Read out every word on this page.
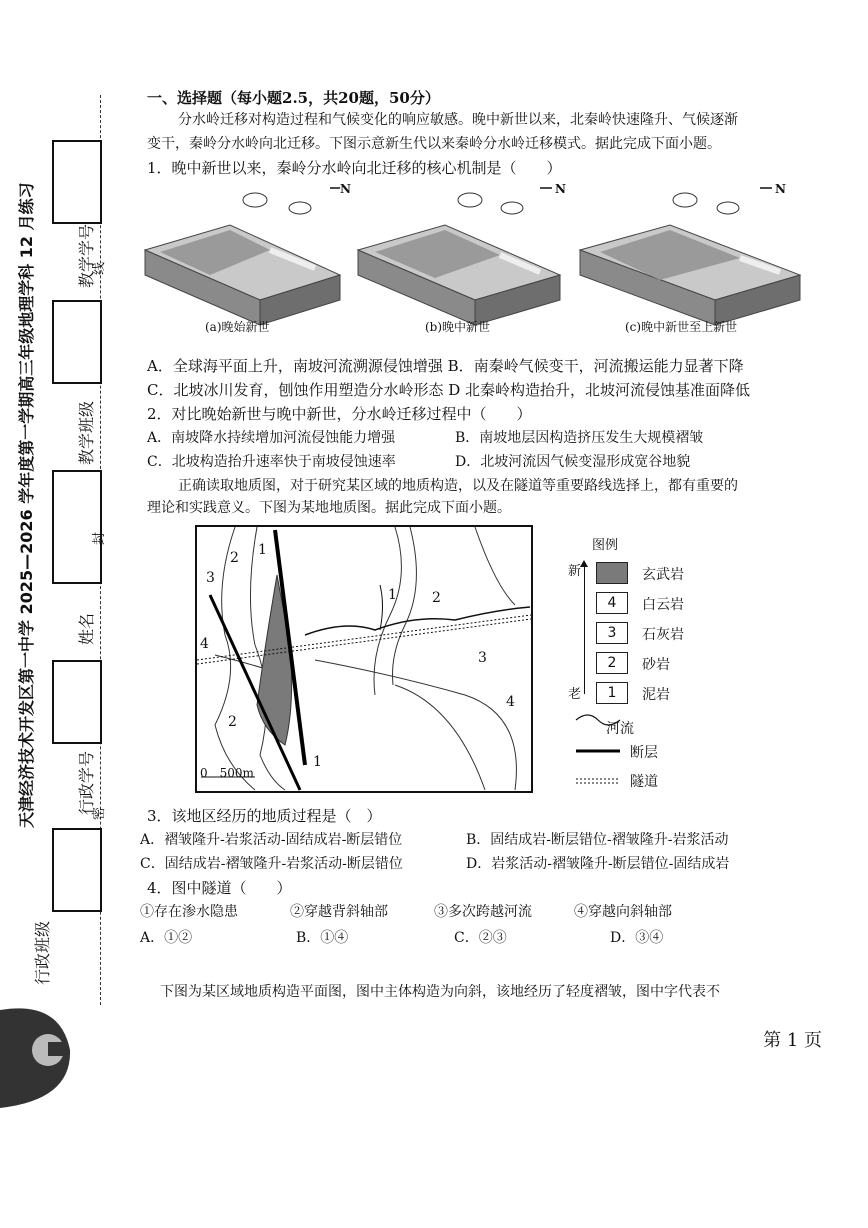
天津经济技术开发区第一中学 2025—2026 学年度第一学期高三年级地理学科 12 月练习
行政班级
行政学号
姓名
教学班级
教学学号
密
封
线
一、选择题（每小题2.5，共20题，50分）
分水岭迁移对构造过程和气候变化的响应敏感。晚中新世以来，北秦岭快速隆升、气候逐渐
变干，秦岭分水岭向北迁移。下图示意新生代以来秦岭分水岭迁移模式。据此完成下面小题。
1．晚中新世以来，秦岭分水岭向北迁移的核心机制是（　　）
N	N	N
(a)晚始新世	(b)晚中新世	(c)晚中新世至上新世
A．全球海平面上升，南坡河流溯源侵蚀增强 B．南秦岭气候变干，河流搬运能力显著下降
C．北坡冰川发育，刨蚀作用塑造分水岭形态 D 北秦岭构造抬升，北坡河流侵蚀基准面降低
2．对比晚始新世与晚中新世，分水岭迁移过程中（　　）
A．南坡降水持续增加河流侵蚀能力增强	B．南坡地层因构造挤压发生大规模褶皱
C．北坡构造抬升速率快于南坡侵蚀速率	D．北坡河流因气候变湿形成宽谷地貌
正确读取地质图，对于研究某区域的地质构造，以及在隧道等重要路线选择上，都有重要的
理论和实践意义。下图为某地地质图。据此完成下面小题。
2 1
3
1	2
4
3
2
4
1
0　500m
图例
新
老
玄武岩
4	白云岩
3	石灰岩
2	砂岩
1	泥岩
河流
断层
隧道
3．该地区经历的地质过程是（　）
A．褶皱隆升-岩浆活动-固结成岩-断层错位	B．固结成岩-断层错位-褶皱隆升-岩浆活动
C．固结成岩-褶皱隆升-岩浆活动-断层错位	D．岩浆活动-褶皱隆升-断层错位-固结成岩
4．图中隧道（　　）
①存在渗水隐患	②穿越背斜轴部	③多次跨越河流	④穿越向斜轴部
A．①②	B．①④	C．②③	D．③④
下图为某区域地质构造平面图，图中主体构造为向斜，该地经历了轻度褶皱，图中字代表不
第 1 页
